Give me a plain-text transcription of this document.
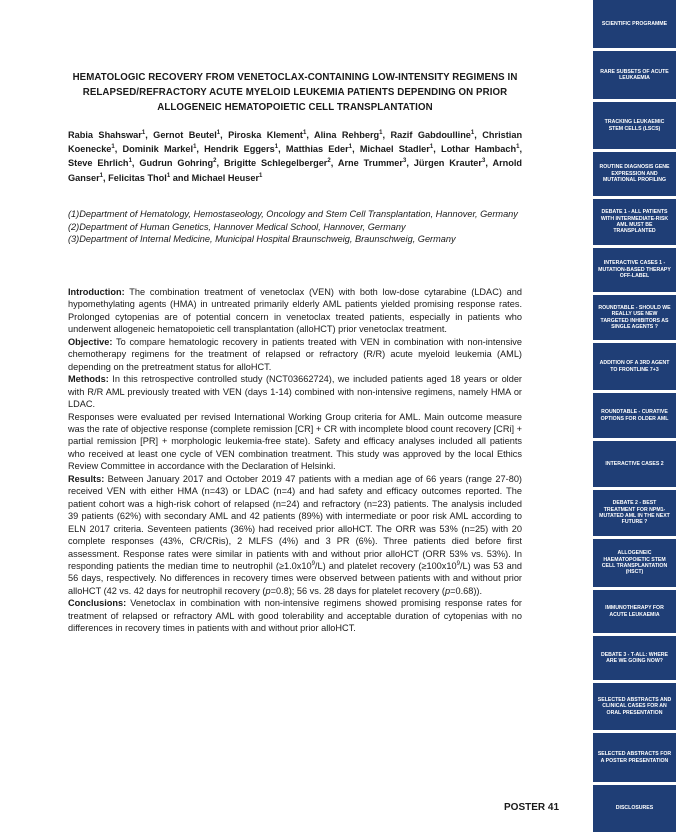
HEMATOLOGIC RECOVERY FROM VENETOCLAX-CONTAINING LOW-INTENSITY REGIMENS IN RELAPSED/REFRACTORY ACUTE MYELOID LEUKEMIA PATIENTS DEPENDING ON PRIOR ALLOGENEIC HEMATOPOIETIC CELL TRANSPLANTATION
Rabia Shahswar$^1$, Gernot Beutel$^1$, Piroska Klement$^1$, Alina Rehberg$^1$, Razif Gabdoulline$^1$, Christian Koenecke$^1$, Dominik Markel$^1$, Hendrik Eggers$^1$, Matthias Eder$^1$, Michael Stadler$^1$, Lothar Hambach$^1$, Steve Ehrlich$^1$, Gudrun Gohring$^2$, Brigitte Schlegelberger$^2$, Arne Trummer$^3$, Jürgen Krauter$^3$, Arnold Ganser$^1$, Felicitas Thol$^1$ and Michael Heuser$^1$
(1)Department of Hematology, Hemostaseology, Oncology and Stem Cell Transplantation, Hannover, Germany
(2)Department of Human Genetics, Hannover Medical School, Hannover, Germany
(3)Department of Internal Medicine, Municipal Hospital Braunschweig, Braunschweig, Germany

Introduction: The combination treatment of venetoclax (VEN) with both low-dose cytarabine (LDAC) and hypomethylating agents (HMA) in untreated primarily elderly AML patients yielded promising response rates. Prolonged cytopenias are of potential concern in venetoclax treated patients, especially in patients who underwent allogeneic hematopoietic cell transplantation (alloHCT) prior venetoclax treatment.

Objective: To compare hematologic recovery in patients treated with VEN in combination with non-intensive chemotherapy regimens for the treatment of relapsed or refractory (R/R) acute myeloid leukemia (AML) depending on the pretreatment status for alloHCT.

Methods: In this retrospective controlled study (NCT03662724), we included patients aged 18 years or older with R/R AML previously treated with VEN (days 1-14) combined with non-intensive regimens, namely HMA or LDAC.

Responses were evaluated per revised International Working Group criteria for AML. Main outcome measure was the rate of objective response (complete remission [CR] + CR with incomplete blood count recovery [CRi] + partial remission [PR] + morphologic leukemia-free state). Safety and efficacy analyses included all patients who received at least one cycle of VEN combination treatment. This study was approved by the local Ethics Review Committee in accordance with the Declaration of Helsinki.

Results: Between January 2017 and October 2019 47 patients with a median age of 66 years (range 27-80) received VEN with either HMA (n=43) or LDAC (n=4) and had safety and efficacy outcomes reported. The patient cohort was a high-risk cohort of relapsed (n=24) and refractory (n=23) patients. The analysis included 39 patients (62%) with secondary AML and 42 patients (89%) with intermediate or poor risk AML according to ELN 2017 criteria. Seventeen patients (36%) had received prior alloHCT. The ORR was 53% (n=25) with 20 complete responses (43%, CR/CRis), 2 MLFS (4%) and 3 PR (6%). Three patients died before first assessment. Response rates were similar in patients with and without prior alloHCT (ORR 53% vs. 53%). In responding patients the median time to neutrophil $(\ge 1.0x10^9/L)$ and platelet recovery $(\ge 100x10^9/L)$ was 53 and 56 days, respectively. No differences in recovery times were observed between patients with and without prior alloHCT (42 vs. 42 days for neutrophil recovery (p=0.8); 56 vs. 28 days for platelet recovery (p=0.68)).

Conclusions: Venetoclax in combination with non-intensive regimens showed promising response rates for treatment of relapsed or refractory AML with good tolerability and acceptable duration of cytopenias with no differences in recovery times in patients with and without prior alloHCT.

POSTER 41
SCIENTIFIC PROGRAMME
RARE SUBSETS OF ACUTE LEUKAEMIA
TRACKING LEUKAEMIC STEM CELLS (LSCS)
ROUTINE DIAGNOSIS GENE EXPRESSION AND MUTATIONAL PROFILING
DEBATE 1 - ALL PATIENTS WITH INTERMEDIATE-RISK AML MUST BE TRANSPLANTED
INTERACTIVE CASES 1 - MUTATION-BASED THERAPY OFF-LABEL
ROUNDTABLE - SHOULD WE REALLY USE NEW TARGETED INHIBITORS AS SINGLE AGENTS ?
ADDITION OF A 3RD AGENT TO FRONTLINE 7+3
ROUNDTABLE - CURATIVE OPTIONS FOR OLDER AML
INTERACTIVE CASES 2
DEBATE 2 - BEST TREATMENT FOR NPM1-MUTATED AML IN THE NEXT FUTURE ?
ALLOGENEIC HAEMATOPOIETIC STEM CELL TRANSPLANTATION (HSCT)
IMMUNOTHERAPY FOR ACUTE LEUKAEMIA
DEBATE 3 - T-ALL: WHERE ARE WE GOING NOW?
SELECTED ABSTRACTS AND CLINICAL CASES FOR AN ORAL PRESENTATION
SELECTED ABSTRACTS FOR A POSTER PRESENTATION
DISCLOSURES
